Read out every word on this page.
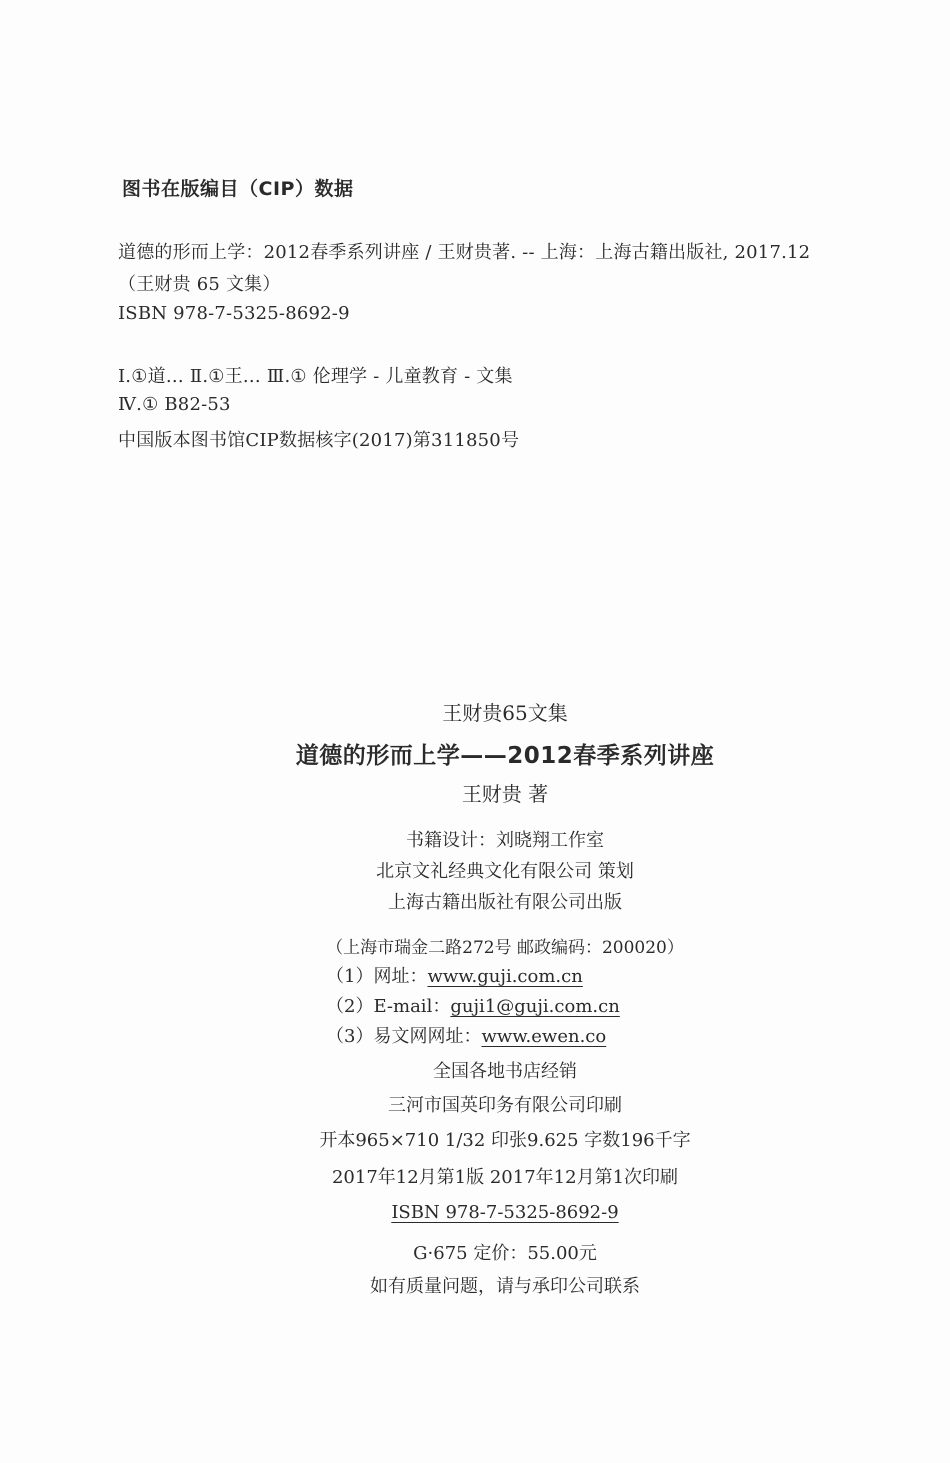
图书在版编目（CIP）数据
道德的形而上学：2012春季系列讲座 / 王财贵著. -- 上海：上海古籍出版社, 2017.12
（王财贵 65 文集）
ISBN 978-7-5325-8692-9
Ⅰ.①道… Ⅱ.①王… Ⅲ.① 伦理学 - 儿童教育 - 文集
Ⅳ.① B82-53
中国版本图书馆CIP数据核字(2017)第311850号
王财贵65文集
道德的形而上学——2012春季系列讲座
王财贵 著
书籍设计：刘晓翔工作室
北京文礼经典文化有限公司 策划
上海古籍出版社有限公司出版
（上海市瑞金二路272号 邮政编码：200020）
（1）网址：www.guji.com.cn
（2）E-mail：guji1@guji.com.cn
（3）易文网网址：www.ewen.co
全国各地书店经销
三河市国英印务有限公司印刷
开本965×710 1/32 印张9.625 字数196千字
2017年12月第1版 2017年12月第1次印刷
ISBN 978-7-5325-8692-9
G·675 定价：55.00元
如有质量问题，请与承印公司联系
